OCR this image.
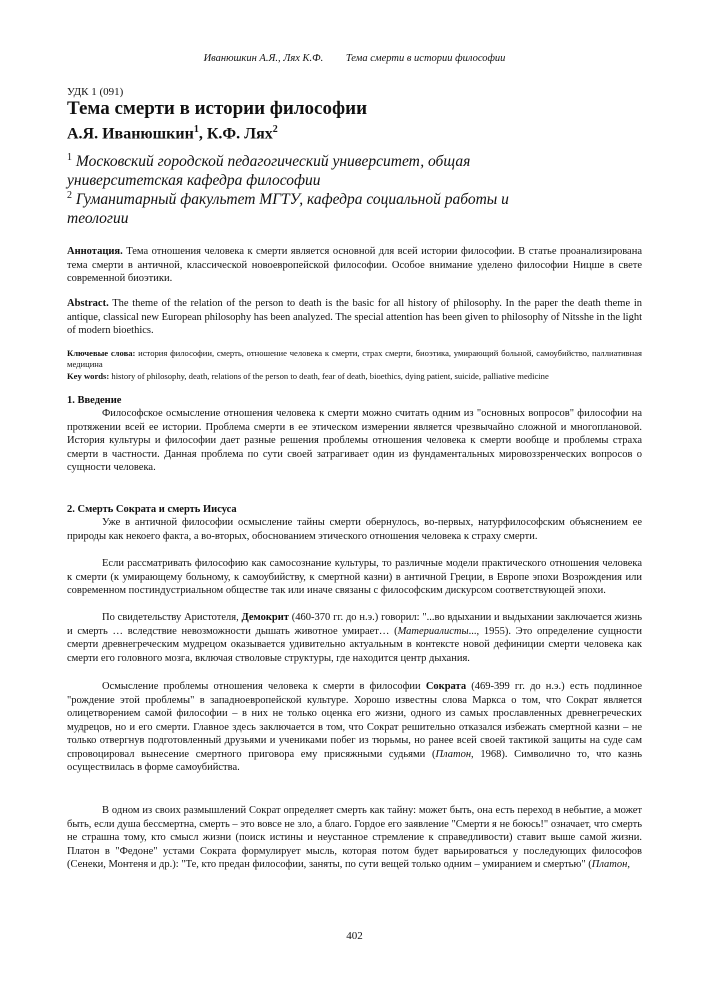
Иванюшкин А.Я., Лях К.Ф. Тема смерти в истории философии
УДК 1 (091)
Тема смерти в истории философии
А.Я. Иванюшкин$^1$, К.Ф. Лях$^2$
$^1$ Московский городской педагогический университет, общая университетская кафедра философии
$^2$ Гуманитарный факультет МГТУ, кафедра социальной работы и теологии

Аннотация. Тема отношения человека к смерти является основной для всей истории философии. В статье проанализирована тема смерти в античной, классической новоевропейской философии. Особое внимание уделено философии Ницше в свете современной биоэтики.

Abstract. The theme of the relation of the person to death is the basic for all history of philosophy. In the paper the death theme in antique, classical new European philosophy has been analyzed. The special attention has been given to philosophy of Nitsshe in the light of modern bioethics.

Ключевые слова: история философии, смерть, отношение человека к смерти, страх смерти, биоэтика, умирающий больной, самоубийство, паллиативная медицина

Key words: history of philosophy, death, relations of the person to death, fear of death, bioethics, dying patient, suicide, palliative medicine

1. Введение

Философское осмысление отношения человека к смерти можно считать одним из "основных вопросов" философии на протяжении всей ее истории. Проблема смерти в ее этическом измерении является чрезвычайно сложной и многоплановой. История культуры и философии дает разные решения проблемы отношения человека к смерти вообще и проблемы страха смерти в частности. Данная проблема по сути своей затрагивает один из фундаментальных мировоззренческих вопросов о сущности человека.

2. Смерть Сократа и смерть Иисуса

Уже в античной философии осмысление тайны смерти обернулось, во-первых, натурфилософским объяснением ее природы как некоего факта, а во-вторых, обоснованием этического отношения человека к страху смерти.

Если рассматривать философию как самосознание культуры, то различные модели практического отношения человека к смерти (к умирающему больному, к самоубийству, к смертной казни) в античной Греции, в Европе эпохи Возрождения или современном постиндустриальном обществе так или иначе связаны с философским дискурсом соответствующей эпохи.

По свидетельству Аристотеля, Демокрит (460-370 гг. до н.э.) говорил: "...во вдыхании и выдыхании заключается жизнь и смерть … вследствие невозможности дышать животное умирает… (Материалисты..., 1955). Это определение сущности смерти древнегреческим мудрецом оказывается удивительно актуальным в контексте новой дефиниции смерти человека как смерти его головного мозга, включая стволовые структуры, где находится центр дыхания.

Осмысление проблемы отношения человека к смерти в философии Сократа (469-399 гг. до н.э.) есть подлинное "рождение этой проблемы" в западноевропейской культуре. Хорошо известны слова Маркса о том, что Сократ является олицетворением самой философии – в них не только оценка его жизни, одного из самых прославленных древнегреческих мудрецов, но и его смерти. Главное здесь заключается в том, что Сократ решительно отказался избежать смертной казни – не только отвергнув подготовленный друзьями и учениками побег из тюрьмы, но ранее всей своей тактикой защиты на суде сам спровоцировал вынесение смертного приговора ему присяжными судьями (Платон, 1968). Символично то, что казнь осуществилась в форме самоубийства.

В одном из своих размышлений Сократ определяет смерть как тайну: может быть, она есть переход в небытие, а может быть, если душа бессмертна, смерть – это вовсе не зло, а благо. Гордое его заявление "Смерти я не боюсь!" означает, что смерть не страшна тому, кто смысл жизни (поиск истины и неустанное стремление к справедливости) ставит выше самой жизни. Платон в "Федоне" устами Сократа формулирует мысль, которая потом будет варьироваться у последующих философов (Сенеки, Монтеня и др.): "Те, кто предан философии, заняты, по сути вещей только одним – умиранием и смертью" (Платон,

402
